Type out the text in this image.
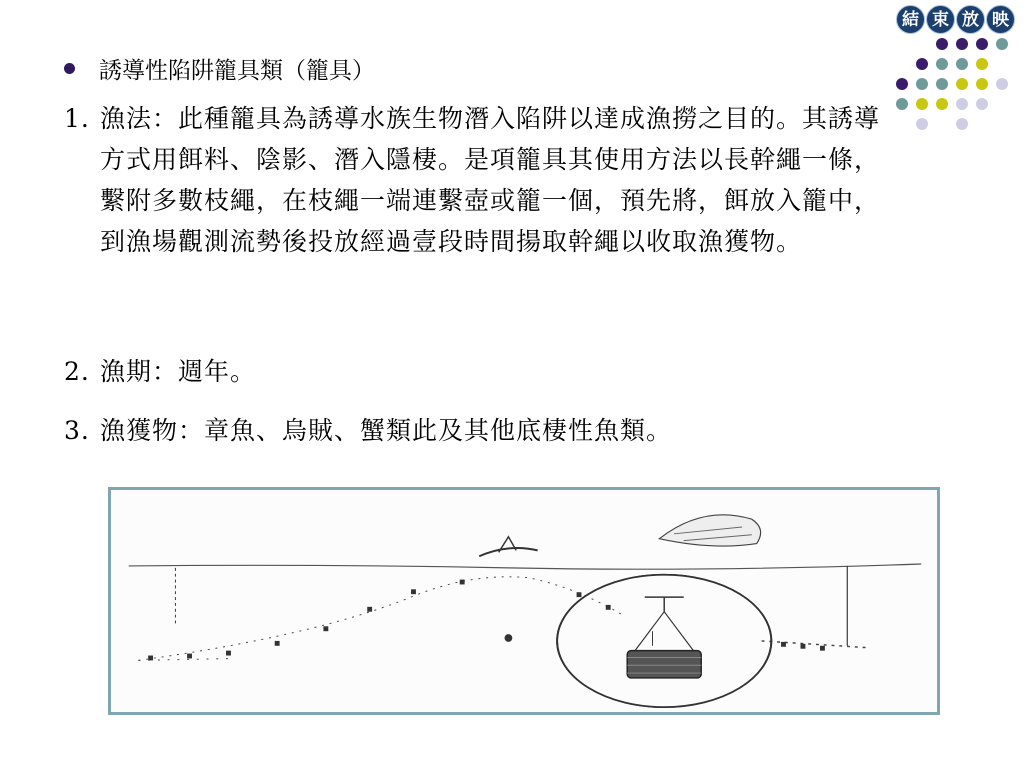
結 束 放 映
誘導性陷阱籠具類（籠具）
1. 漁法：此種籠具為誘導水族生物潛入陷阱以達成漁撈之目的。其誘導方式用餌料、陰影、潛入隱棲。是項籠具其使用方法以長幹繩一條，繫附多數枝繩，在枝繩一端連繫壺或籠一個，預先將，餌放入籠中，到漁場觀測流勢後投放經過壹段時間揚取幹繩以收取漁獲物。
2. 漁期：週年。
3. 漁獲物：章魚、烏賊、蟹類此及其他底棲性魚類。
